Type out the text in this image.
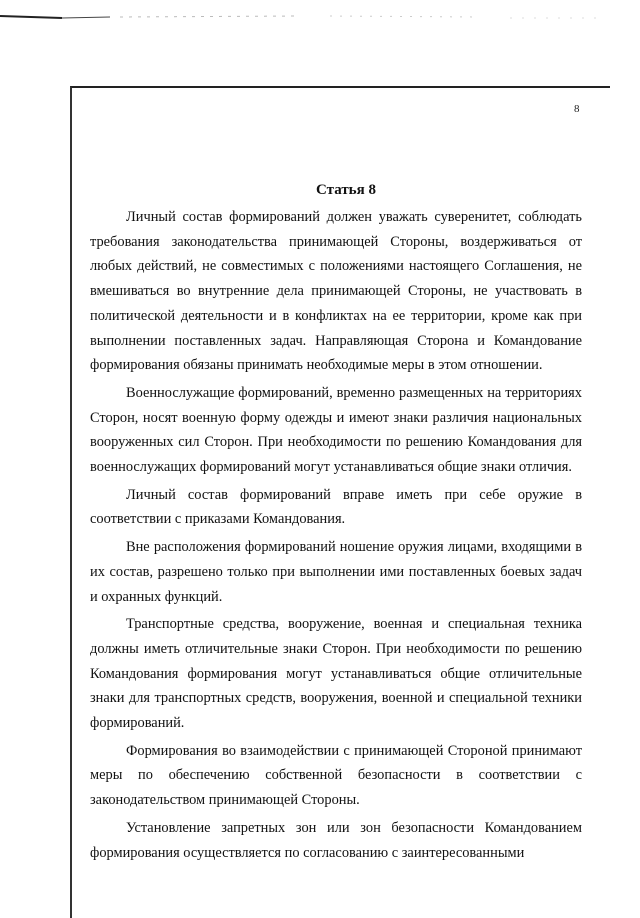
8
Статья 8

Личный состав формирований должен уважать суверенитет, соблюдать требования законодательства принимающей Стороны, воздерживаться от любых действий, не совместимых с положениями настоящего Соглашения, не вмешиваться во внутренние дела принимающей Стороны, не участвовать в политической деятельности и в конфликтах на ее территории, кроме как при выполнении поставленных задач. Направляющая Сторона и Командование формирования обязаны принимать необходимые меры в этом отношении.

Военнослужащие формирований, временно размещенных на территориях Сторон, носят военную форму одежды и имеют знаки различия национальных вооруженных сил Сторон. При необходимости по решению Командования для военнослужащих формирований могут устанавливаться общие знаки отличия.

Личный состав формирований вправе иметь при себе оружие в соответствии с приказами Командования.

Вне расположения формирований ношение оружия лицами, входящими в их состав, разрешено только при выполнении ими поставленных боевых задач и охранных функций.

Транспортные средства, вооружение, военная и специальная техника должны иметь отличительные знаки Сторон. При необходимости по решению Командования формирования могут устанавливаться общие отличительные знаки для транспортных средств, вооружения, военной и специальной техники формирований.

Формирования во взаимодействии с принимающей Стороной принимают меры по обеспечению собственной безопасности в соответствии с законодательством принимающей Стороны.

Установление запретных зон или зон безопасности Командованием формирования осуществляется по согласованию с заинтересованными
